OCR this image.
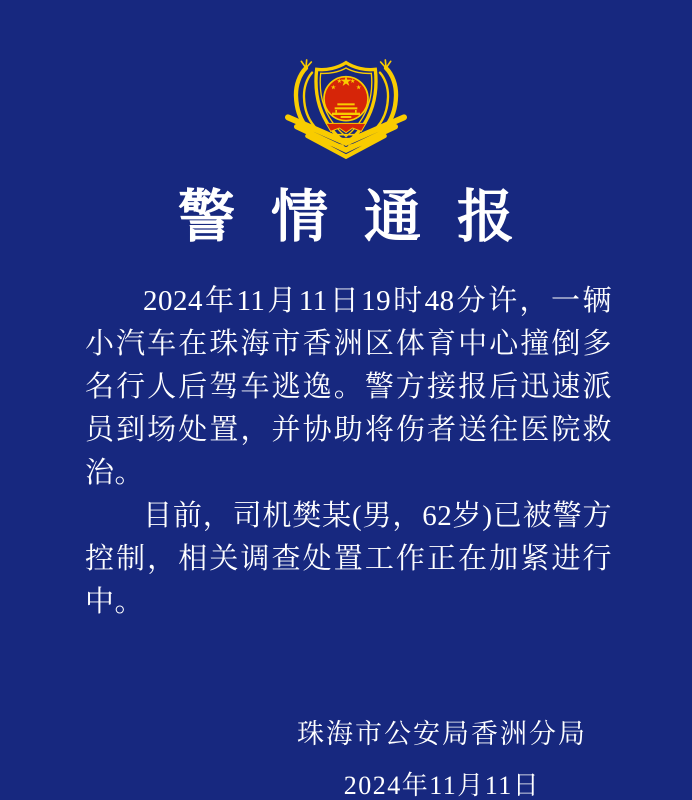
警情通报

2024年11月11日19时48分许，一辆小汽车在珠海市香洲区体育中心撞倒多名行人后驾车逃逸。警方接报后迅速派员到场处置，并协助将伤者送往医院救治。

目前，司机樊某(男，62岁)已被警方控制，相关调查处置工作正在加紧进行中。

珠海市公安局香洲分局
2024年11月11日
